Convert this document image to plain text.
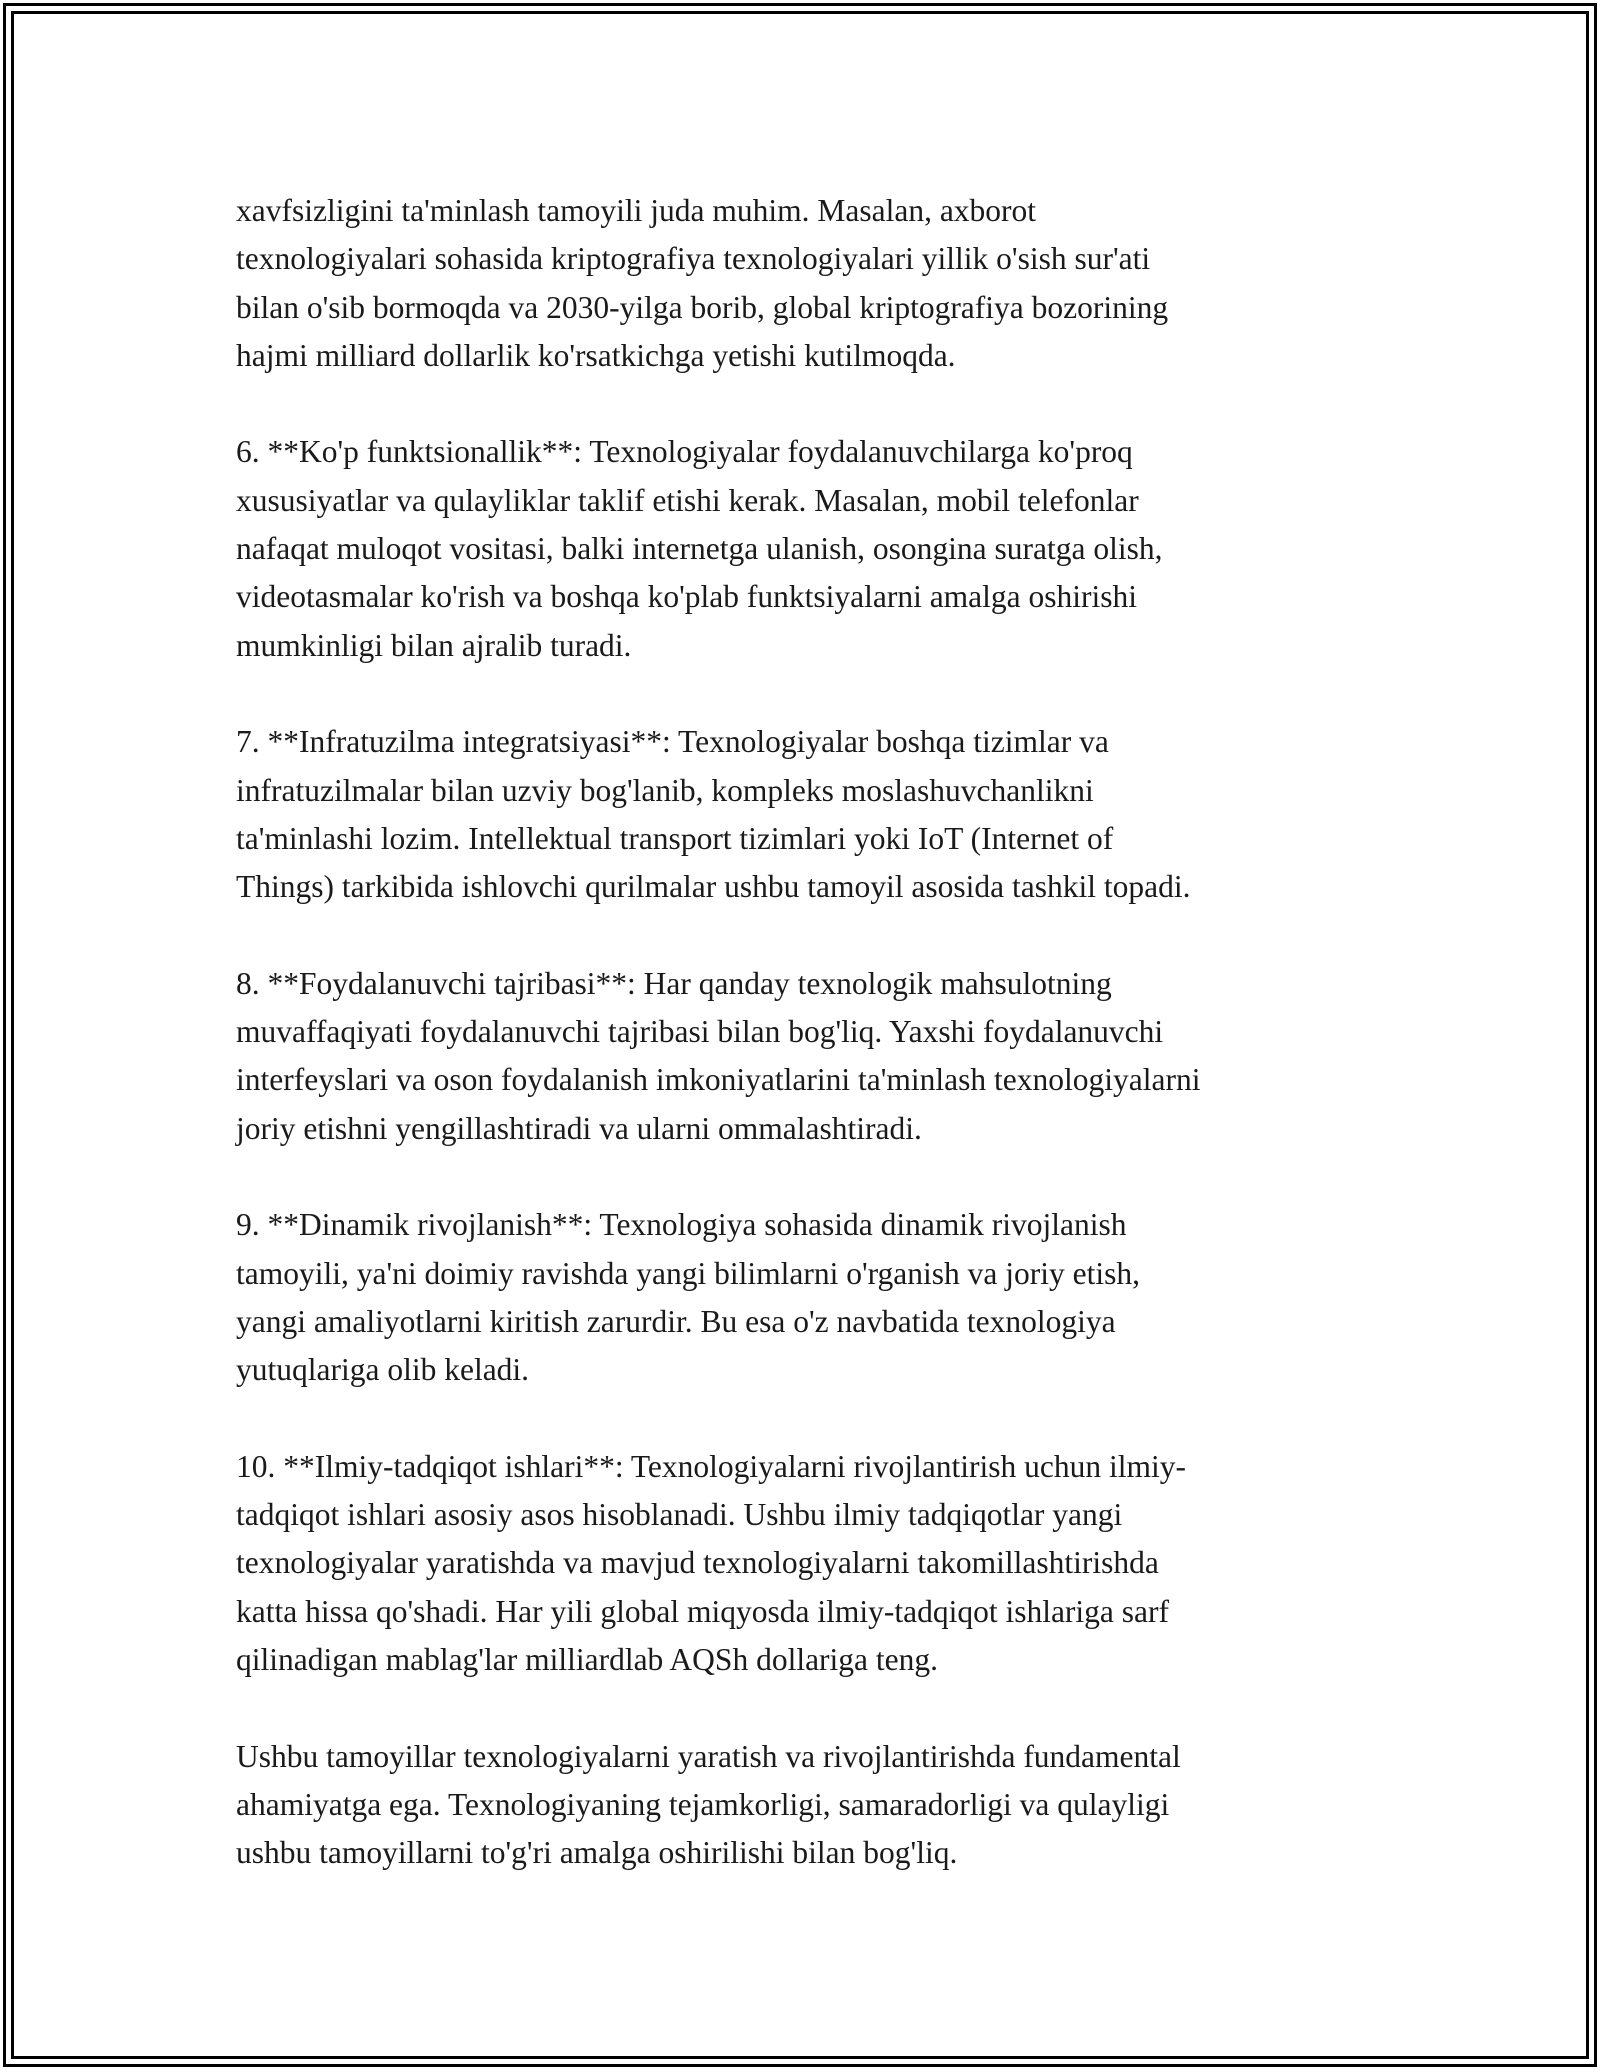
xavfsizligini ta'minlash tamoyili juda muhim. Masalan, axborot
texnologiyalari sohasida kriptografiya texnologiyalari yillik o'sish sur'ati
bilan o'sib bormoqda va 2030-yilga borib, global kriptografiya bozorining
hajmi milliard dollarlik ko'rsatkichga yetishi kutilmoqda.

6. **Ko'p funktsionallik**: Texnologiyalar foydalanuvchilarga ko'proq
xususiyatlar va qulayliklar taklif etishi kerak. Masalan, mobil telefonlar
nafaqat muloqot vositasi, balki internetga ulanish, osongina suratga olish,
videotasmalar ko'rish va boshqa ko'plab funktsiyalarni amalga oshirishi
mumkinligi bilan ajralib turadi.

7. **Infratuzilma integratsiyasi**: Texnologiyalar boshqa tizimlar va
infratuzilmalar bilan uzviy bog'lanib, kompleks moslashuvchanlikni
ta'minlashi lozim. Intellektual transport tizimlari yoki IoT (Internet of
Things) tarkibida ishlovchi qurilmalar ushbu tamoyil asosida tashkil topadi.

8. **Foydalanuvchi tajribasi**: Har qanday texnologik mahsulotning
muvaffaqiyati foydalanuvchi tajribasi bilan bog'liq. Yaxshi foydalanuvchi
interfeyslari va oson foydalanish imkoniyatlarini ta'minlash texnologiyalarni
joriy etishni yengillashtiradi va ularni ommalashtiradi.

9. **Dinamik rivojlanish**: Texnologiya sohasida dinamik rivojlanish
tamoyili, ya'ni doimiy ravishda yangi bilimlarni o'rganish va joriy etish,
yangi amaliyotlarni kiritish zarurdir. Bu esa o'z navbatida texnologiya
yutuqlariga olib keladi.

10. **Ilmiy-tadqiqot ishlari**: Texnologiyalarni rivojlantirish uchun ilmiy-
tadqiqot ishlari asosiy asos hisoblanadi. Ushbu ilmiy tadqiqotlar yangi
texnologiyalar yaratishda va mavjud texnologiyalarni takomillashtirishda
katta hissa qo'shadi. Har yili global miqyosda ilmiy-tadqiqot ishlariga sarf
qilinadigan mablag'lar milliardlab AQSh dollariga teng.

Ushbu tamoyillar texnologiyalarni yaratish va rivojlantirishda fundamental
ahamiyatga ega. Texnologiyaning tejamkorligi, samaradorligi va qulayligi
ushbu tamoyillarni to'g'ri amalga oshirilishi bilan bog'liq.
